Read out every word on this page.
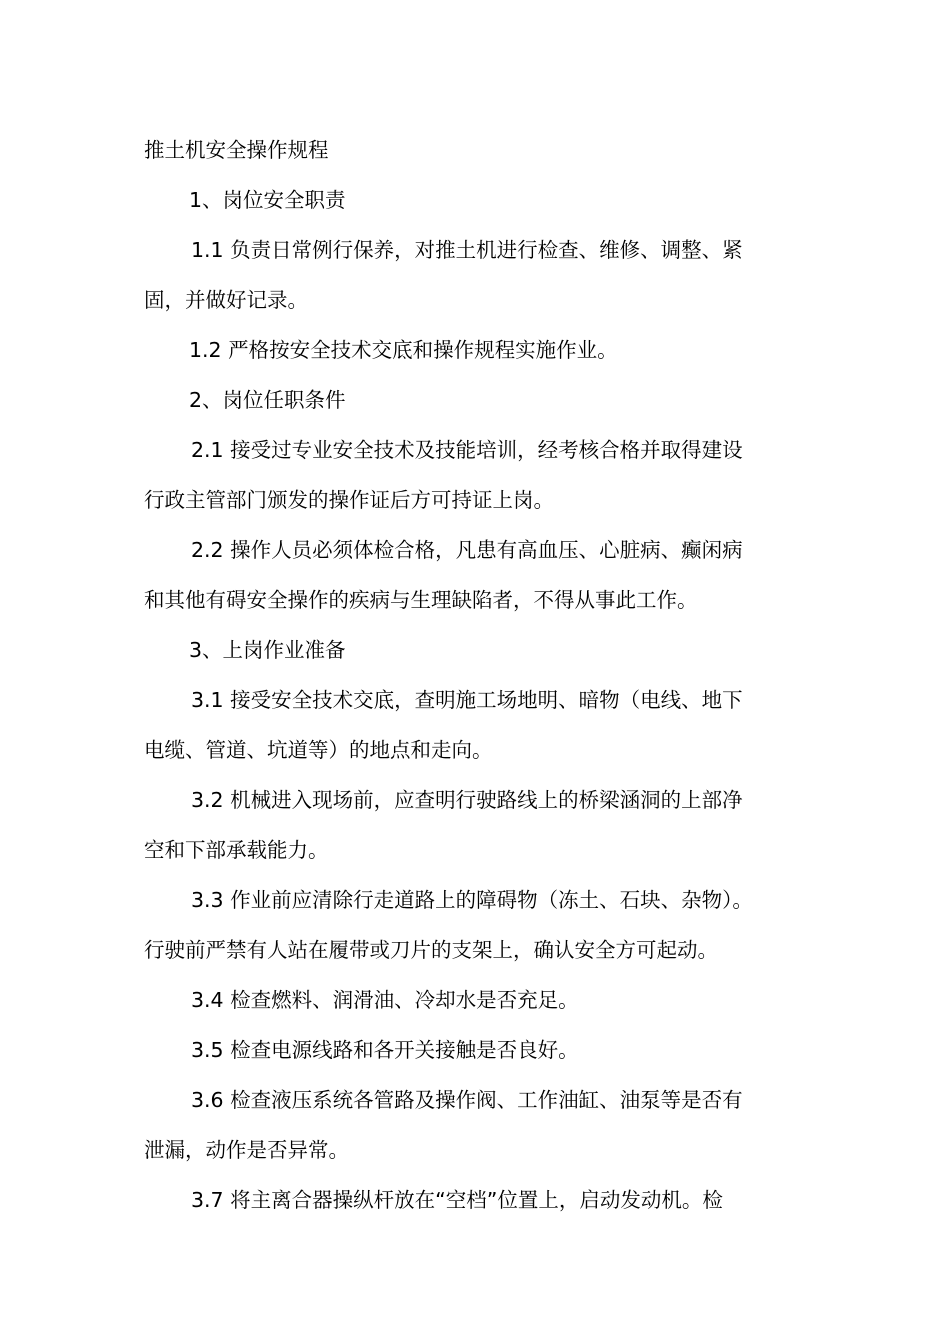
推土机安全操作规程
1、岗位安全职责
1.1 负责日常例行保养，对推土机进行检查、维修、调整、紧
固，并做好记录。
1.2 严格按安全技术交底和操作规程实施作业。
2、岗位任职条件
2.1 接受过专业安全技术及技能培训，经考核合格并取得建设
行政主管部门颁发的操作证后方可持证上岗。
2.2 操作人员必须体检合格，凡患有高血压、心脏病、癫闲病
和其他有碍安全操作的疾病与生理缺陷者，不得从事此工作。
3、上岗作业准备
3.1 接受安全技术交底，查明施工场地明、暗物（电线、地下
电缆、管道、坑道等）的地点和走向。
3.2 机械进入现场前，应查明行驶路线上的桥梁涵洞的上部净
空和下部承载能力。
3.3 作业前应清除行走道路上的障碍物（冻土、石块、杂物）。
行驶前严禁有人站在履带或刀片的支架上，确认安全方可起动。
3.4 检查燃料、润滑油、冷却水是否充足。
3.5 检查电源线路和各开关接触是否良好。
3.6 检查液压系统各管路及操作阀、工作油缸、油泵等是否有
泄漏，动作是否异常。
3.7 将主离合器操纵杆放在“空档”位置上，启动发动机。检
